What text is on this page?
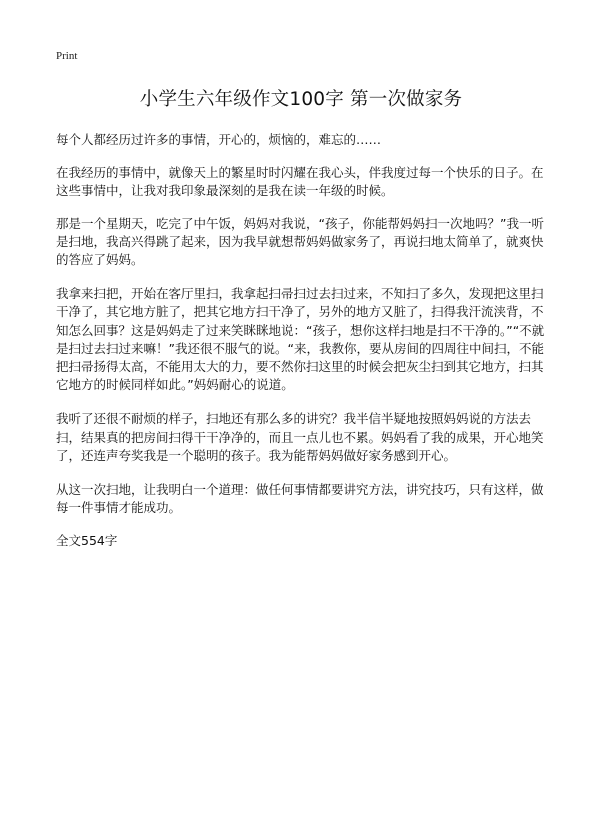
Print
小学生六年级作文100字 第一次做家务

每个人都经历过许多的事情，开心的，烦恼的，难忘的……

在我经历的事情中，就像天上的繁星时时闪耀在我心头，伴我度过每一个快乐的日子。在这些事情中，让我对我印象最深刻的是我在读一年级的时候。

那是一个星期天，吃完了中午饭，妈妈对我说，“孩子，你能帮妈妈扫一次地吗？”我一听是扫地，我高兴得跳了起来，因为我早就想帮妈妈做家务了，再说扫地太简单了，就爽快的答应了妈妈。

我拿来扫把，开始在客厅里扫，我拿起扫帚扫过去扫过来，不知扫了多久，发现把这里扫干净了，其它地方脏了，把其它地方扫干净了，另外的地方又脏了，扫得我汗流浃背，不知怎么回事？这是妈妈走了过来笑眯眯地说：“孩子，想你这样扫地是扫不干净的。”“不就是扫过去扫过来嘛！”我还很不服气的说。“来，我教你，要从房间的四周往中间扫，不能把扫帚扬得太高，不能用太大的力，要不然你扫这里的时候会把灰尘扫到其它地方，扫其它地方的时候同样如此。”妈妈耐心的说道。

我听了还很不耐烦的样子，扫地还有那么多的讲究？我半信半疑地按照妈妈说的方法去扫，结果真的把房间扫得干干净净的，而且一点儿也不累。妈妈看了我的成果，开心地笑了，还连声夸奖我是一个聪明的孩子。我为能帮妈妈做好家务感到开心。

从这一次扫地，让我明白一个道理：做任何事情都要讲究方法，讲究技巧，只有这样，做每一件事情才能成功。

全文554字
